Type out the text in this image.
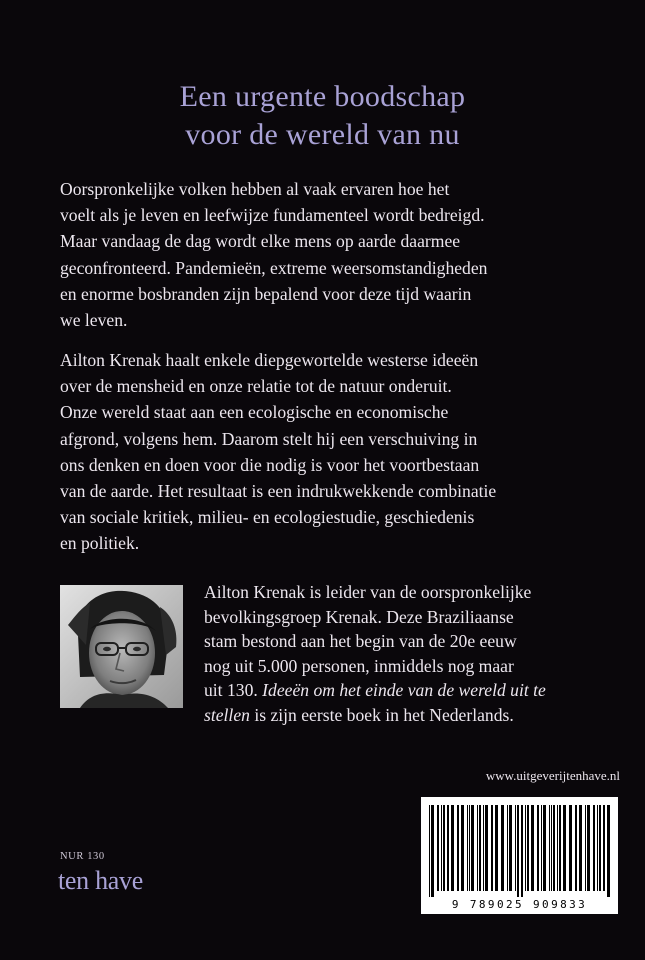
Een urgente boodschap
voor de wereld van nu

Oorspronkelijke volken hebben al vaak ervaren hoe het
voelt als je leven en leefwijze fundamenteel wordt bedreigd.
Maar vandaag de dag wordt elke mens op aarde daarmee
geconfronteerd. Pandemieën, extreme weersomstandigheden
en enorme bosbranden zijn bepalend voor deze tijd waarin
we leven.

Ailton Krenak haalt enkele diepgewortelde westerse ideeën
over de mensheid en onze relatie tot de natuur onderuit.
Onze wereld staat aan een ecologische en economische
afgrond, volgens hem. Daarom stelt hij een verschuiving in
ons denken en doen voor die nodig is voor het voortbestaan
van de aarde. Het resultaat is een indrukwekkende combinatie
van sociale kritiek, milieu- en ecologiestudie, geschiedenis
en politiek.

Ailton Krenak is leider van de oorspronkelijke
bevolkingsgroep Krenak. Deze Braziliaanse
stam bestond aan het begin van de 20e eeuw
nog uit 5.000 personen, inmiddels nog maar
uit 130. Ideeën om het einde van de wereld uit te
stellen is zijn eerste boek in het Nederlands.
www.uitgeverijtenhave.nl
9 789025 909833
NUR 130
ten have
